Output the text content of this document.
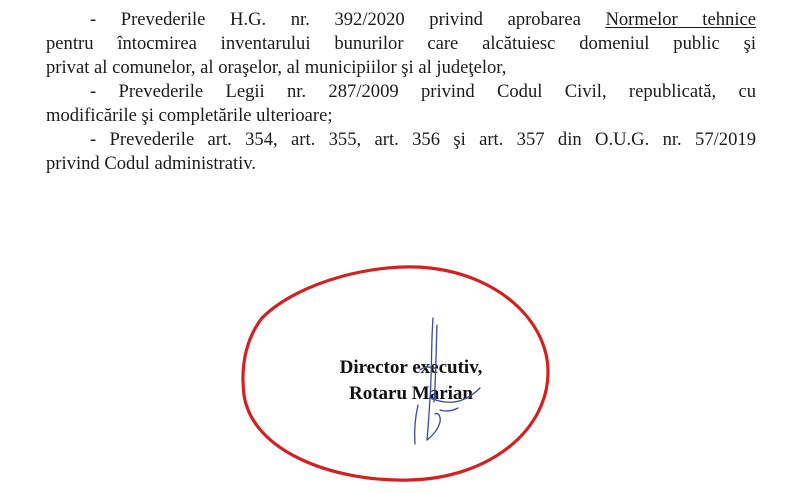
- Prevederile H.G. nr. 392/2020 privind aprobarea Normelor tehnice
pentru întocmirea inventarului bunurilor care alcătuiesc domeniul public şi
privat al comunelor, al oraşelor, al municipiilor şi al judeţelor,
- Prevederile Legii nr. 287/2009 privind Codul Civil, republicată, cu
modificările şi completările ulterioare;
- Prevederile art. 354, art. 355, art. 356 şi art. 357 din O.U.G. nr. 57/2019
privind Codul administrativ.
Director executiv,
Rotaru Marian
